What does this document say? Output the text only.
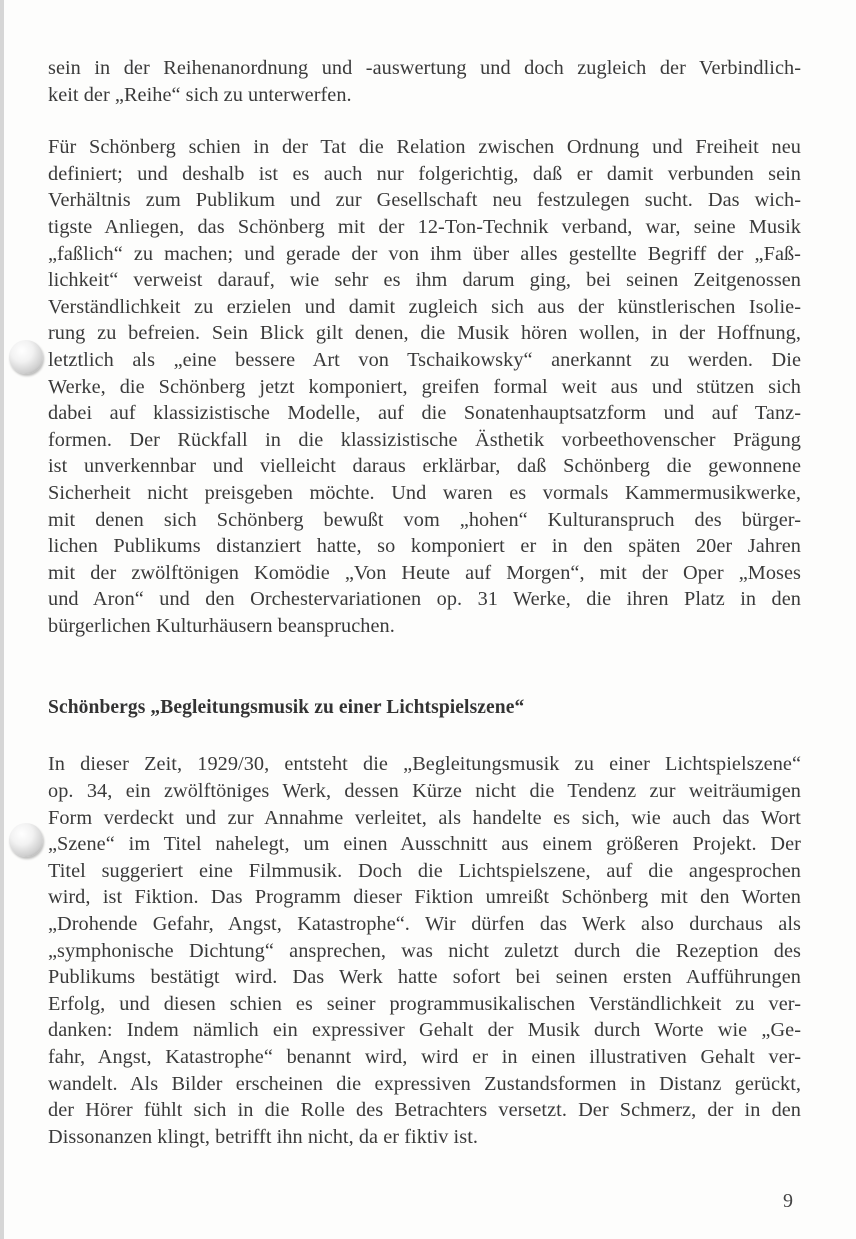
sein in der Reihenanordnung und -auswertung und doch zugleich der Verbindlich-
keit der „Reihe“ sich zu unterwerfen.
Für Schönberg schien in der Tat die Relation zwischen Ordnung und Freiheit neu
definiert; und deshalb ist es auch nur folgerichtig, daß er damit verbunden sein
Verhältnis zum Publikum und zur Gesellschaft neu festzulegen sucht. Das wich-
tigste Anliegen, das Schönberg mit der 12-Ton-Technik verband, war, seine Musik
„faßlich“ zu machen; und gerade der von ihm über alles gestellte Begriff der „Faß-
lichkeit“ verweist darauf, wie sehr es ihm darum ging, bei seinen Zeitgenossen
Verständlichkeit zu erzielen und damit zugleich sich aus der künstlerischen Isolie-
rung zu befreien. Sein Blick gilt denen, die Musik hören wollen, in der Hoffnung,
letztlich als „eine bessere Art von Tschaikowsky“ anerkannt zu werden. Die
Werke, die Schönberg jetzt komponiert, greifen formal weit aus und stützen sich
dabei auf klassizistische Modelle, auf die Sonatenhauptsatzform und auf Tanz-
formen. Der Rückfall in die klassizistische Ästhetik vorbeethovenscher Prägung
ist unverkennbar und vielleicht daraus erklärbar, daß Schönberg die gewonnene
Sicherheit nicht preisgeben möchte. Und waren es vormals Kammermusikwerke,
mit denen sich Schönberg bewußt vom „hohen“ Kulturanspruch des bürger-
lichen Publikums distanziert hatte, so komponiert er in den späten 20er Jahren
mit der zwölftönigen Komödie „Von Heute auf Morgen“, mit der Oper „Moses
und Aron“ und den Orchestervariationen op. 31 Werke, die ihren Platz in den
bürgerlichen Kulturhäusern beanspruchen.
Schönbergs „Begleitungsmusik zu einer Lichtspielszene“
In dieser Zeit, 1929/30, entsteht die „Begleitungsmusik zu einer Lichtspielszene“
op. 34, ein zwölftöniges Werk, dessen Kürze nicht die Tendenz zur weiträumigen
Form verdeckt und zur Annahme verleitet, als handelte es sich, wie auch das Wort
„Szene“ im Titel nahelegt, um einen Ausschnitt aus einem größeren Projekt. Der
Titel suggeriert eine Filmmusik. Doch die Lichtspielszene, auf die angesprochen
wird, ist Fiktion. Das Programm dieser Fiktion umreißt Schönberg mit den Worten
„Drohende Gefahr, Angst, Katastrophe“. Wir dürfen das Werk also durchaus als
„symphonische Dichtung“ ansprechen, was nicht zuletzt durch die Rezeption des
Publikums bestätigt wird. Das Werk hatte sofort bei seinen ersten Aufführungen
Erfolg, und diesen schien es seiner programmusikalischen Verständlichkeit zu ver-
danken: Indem nämlich ein expressiver Gehalt der Musik durch Worte wie „Ge-
fahr, Angst, Katastrophe“ benannt wird, wird er in einen illustrativen Gehalt ver-
wandelt. Als Bilder erscheinen die expressiven Zustandsformen in Distanz gerückt,
der Hörer fühlt sich in die Rolle des Betrachters versetzt. Der Schmerz, der in den
Dissonanzen klingt, betrifft ihn nicht, da er fiktiv ist.
9
